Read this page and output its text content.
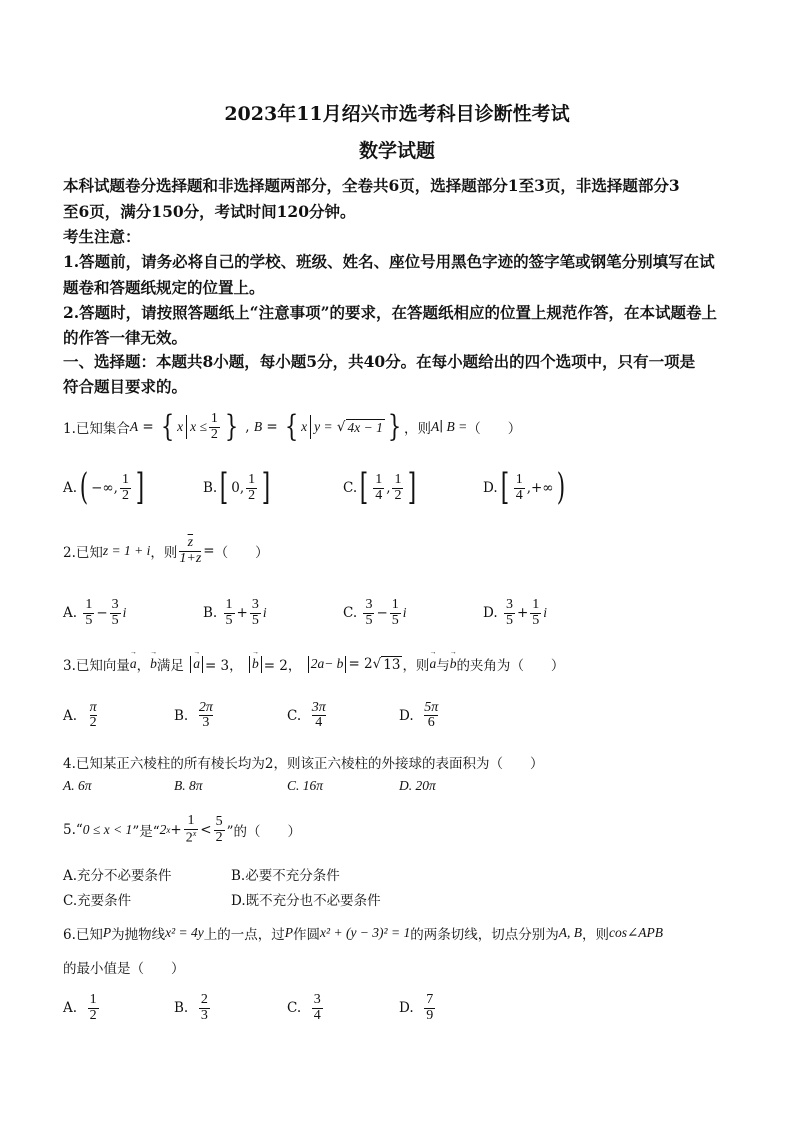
2023年11月绍兴市选考科目诊断性考试
数学试题
本科试题卷分选择题和非选择题两部分，全卷共6页，选择题部分1至3页，非选择题部分3
至6页，满分150分，考试时间120分钟。
考生注意：
1.答题前，请务必将自己的学校、班级、姓名、座位号用黑色字迹的签字笔或钢笔分别填写在试
题卷和答题纸规定的位置上。
2.答题时，请按照答题纸上“注意事项”的要求，在答题纸相应的位置上规范作答，在本试题卷上
的作答一律无效。
一、选择题：本题共8小题，每小题5分，共40分。在每小题给出的四个选项中，只有一项是
符合题目要求的。
1.已知集合 A = { x $x \le \frac{1}{2}$ } , B = { x y = √ 4x − 1 } ，则 A∣ B = （　　）
A. ( −∞, $\frac{1}{2}$ ]	B. [ 0, $\frac{1}{2}$ ]	C. [ $\frac{1}{4}$ , $\frac{1}{2}$ ]	D. [ $\frac{1}{4}$ ,+∞ )
2.已知 z = 1 + i ，则 $\frac{\overline{z}}{1+z}$ = （　　）
A.
$\frac{1}{5} - \frac{3}{5}$ i	B.
$\frac{1}{5} + \frac{3}{5}$ i	C.
$\frac{3}{5} - \frac{1}{5}$ i	D.
$\frac{3}{5} + \frac{1}{5}$ i
3.已知向量 → a ， → b 满足
→ a = 3，
→ b = 2，
2a − b = 2 √ 13 ，则 → a 与 → b 的夹角为 （　　）
A.
$\frac{\pi}{2}$	B.
$\frac{2\pi}{3}$	C.
$\frac{3\pi}{4}$	D.
$\frac{5\pi}{6}$
4.已知某正六棱柱的所有棱长均为2，则该正六棱柱的外接球的表面积为（　　）
A. 6π	B. 8π	C. 16π	D. 20π
5.“ 0 ≤ x < 1 ”是“ 2 $x + \frac{1}{2^x} < \frac{5}{2}$ ”的（　　）
A.充分不必要条件	B.必要不充分条件
C.充要条件	D.既不充分也不必要条件
6.已知 P 为抛物线 x² = 4y 上的一点，过 P 作圆 x² + (y − 3)² = 1 的两条切线，切点分别为 A, B ，则 cos∠APB
的最小值是（　　）
A.
$\frac{1}{2}$	B.
$\frac{2}{3}$	C.
$\frac{3}{4}$	D.
$\frac{7}{9}$
